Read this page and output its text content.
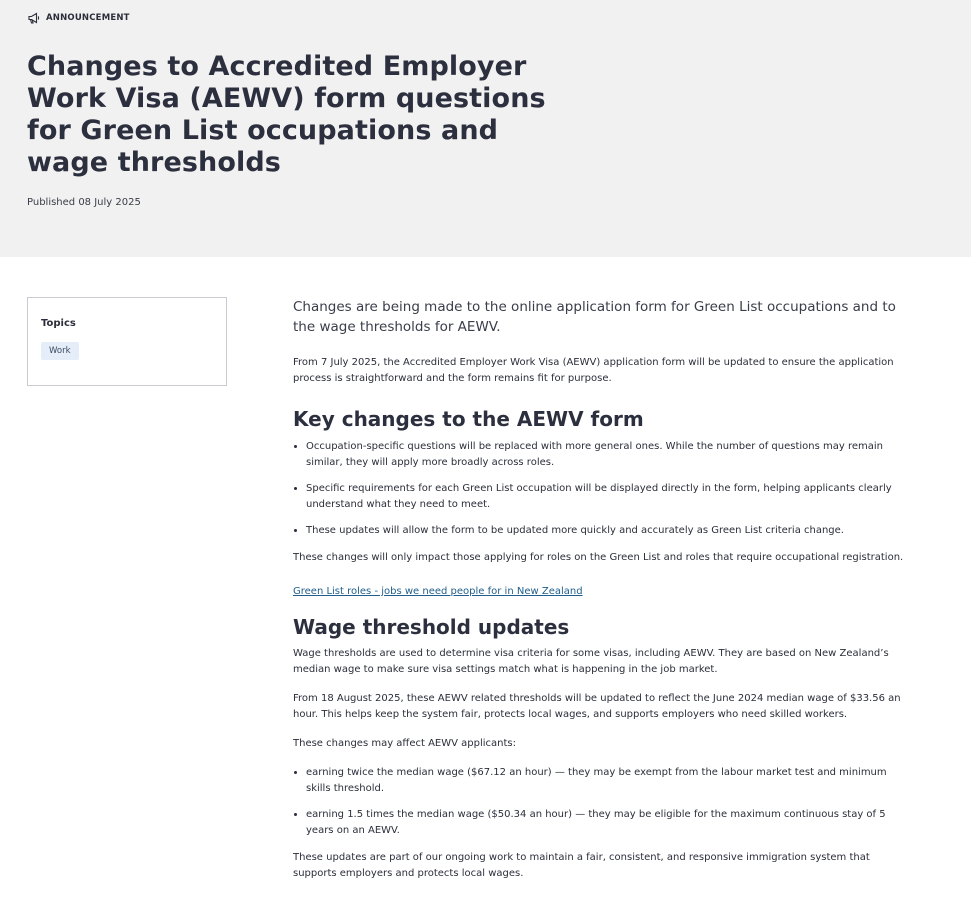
ANNOUNCEMENT
Changes to Accredited Employer Work Visa (AEWV) form questions for Green List occupations and wage thresholds
Published 08 July 2025
Topics
Work

Changes are being made to the online application form for Green List occupations and to the wage thresholds for AEWV.

From 7 July 2025, the Accredited Employer Work Visa (AEWV) application form will be updated to ensure the application process is straightforward and the form remains fit for purpose.

Key changes to the AEWV form
• Occupation-specific questions will be replaced with more general ones. While the number of questions may remain similar, they will apply more broadly across roles.
• Specific requirements for each Green List occupation will be displayed directly in the form, helping applicants clearly understand what they need to meet.
• These updates will allow the form to be updated more quickly and accurately as Green List criteria change.

These changes will only impact those applying for roles on the Green List and roles that require occupational registration.

Green List roles - jobs we need people for in New Zealand
Wage threshold updates

Wage thresholds are used to determine visa criteria for some visas, including AEWV. They are based on New Zealand’s median wage to make sure visa settings match what is happening in the job market.

From 18 August 2025, these AEWV related thresholds will be updated to reflect the June 2024 median wage of $33.56 an hour. This helps keep the system fair, protects local wages, and supports employers who need skilled workers.

These changes may affect AEWV applicants:

• earning twice the median wage ($67.12 an hour) — they may be exempt from the labour market test and minimum skills threshold.
• earning 1.5 times the median wage ($50.34 an hour) — they may be eligible for the maximum continuous stay of 5 years on an AEWV.

These updates are part of our ongoing work to maintain a fair, consistent, and responsive immigration system that supports employers and protects local wages.
